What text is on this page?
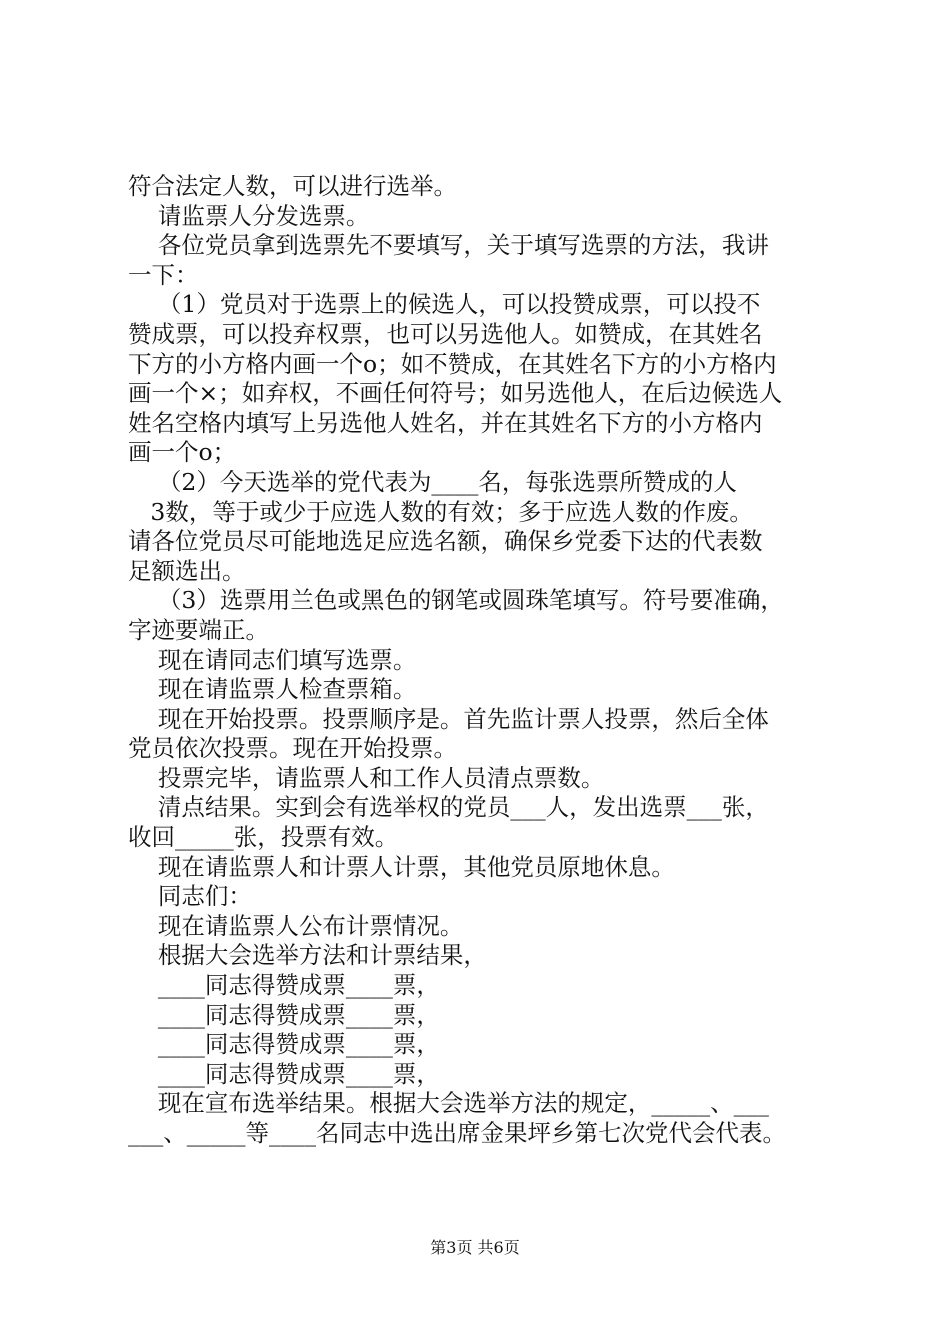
符合法定人数，可以进行选举。
请监票人分发选票。
各位党员拿到选票先不要填写，关于填写选票的方法，我讲
一下：
（1）党员对于选票上的候选人，可以投赞成票，可以投不
赞成票，可以投弃权票，也可以另选他人。如赞成，在其姓名
下方的小方格内画一个o；如不赞成，在其姓名下方的小方格内
画一个×；如弃权，不画任何符号；如另选他人，在后边候选人
姓名空格内填写上另选他人姓名，并在其姓名下方的小方格内
画一个o；
（2）今天选举的党代表为____名，每张选票所赞成的人
3数，等于或少于应选人数的有效；多于应选人数的作废。
请各位党员尽可能地选足应选名额，确保乡党委下达的代表数
足额选出。
（3）选票用兰色或黑色的钢笔或圆珠笔填写。符号要准确，
字迹要端正。
现在请同志们填写选票。
现在请监票人检查票箱。
现在开始投票。投票顺序是。首先监计票人投票，然后全体
党员依次投票。现在开始投票。
投票完毕，请监票人和工作人员清点票数。
清点结果。实到会有选举权的党员___人，发出选票___张，
收回_____张，投票有效。
现在请监票人和计票人计票，其他党员原地休息。
同志们：
现在请监票人公布计票情况。
根据大会选举方法和计票结果，
____同志得赞成票____票，
____同志得赞成票____票，
____同志得赞成票____票，
____同志得赞成票____票，
现在宣布选举结果。根据大会选举方法的规定，_____、___
___、_____等____名同志中选出席金果坪乡第七次党代会代表。
第3页 共6页
